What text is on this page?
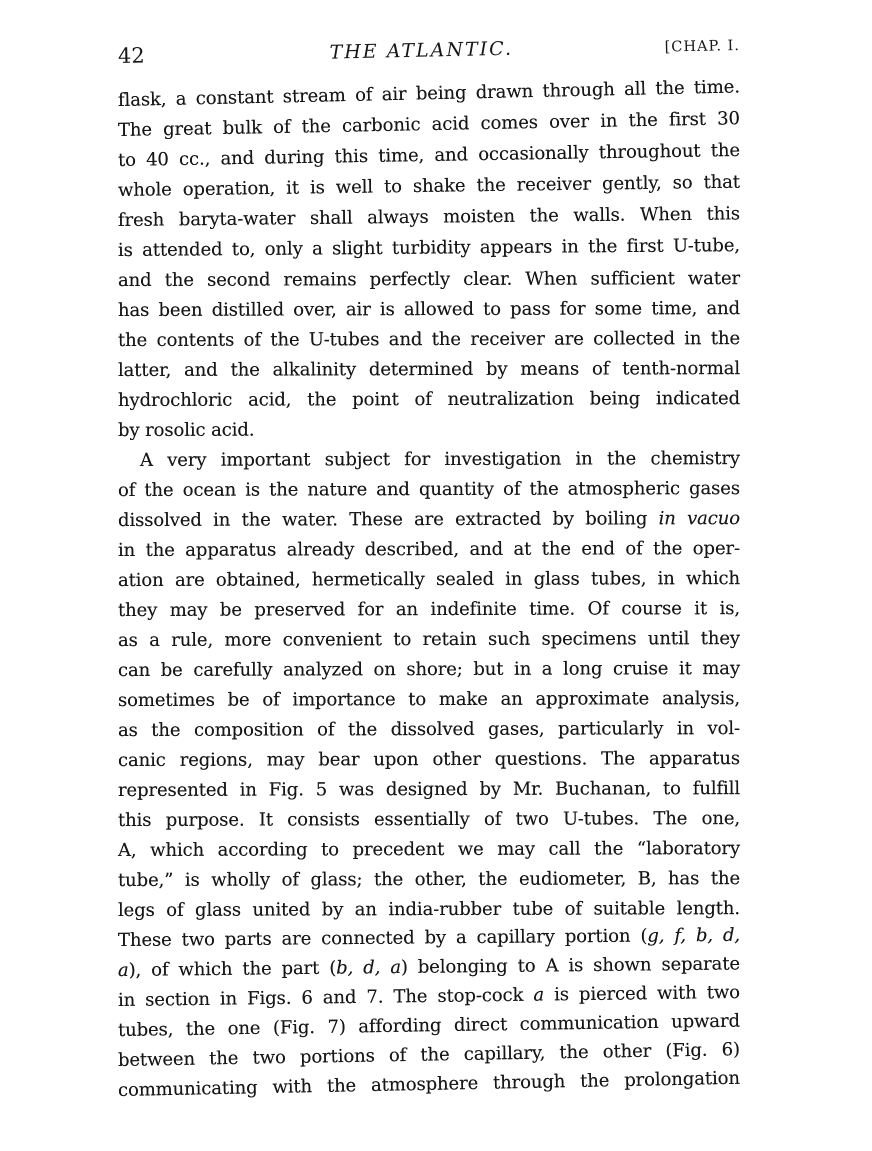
42	THE ATLANTIC.	[CHAP. I.
flask, a constant stream of air being drawn through all the time.
The great bulk of the carbonic acid comes over in the first 30
to 40 cc., and during this time, and occasionally throughout the
whole operation, it is well to shake the receiver gently, so that
fresh baryta-water shall always moisten the walls. When this
is attended to, only a slight turbidity appears in the first U-tube,
and the second remains perfectly clear. When sufficient water
has been distilled over, air is allowed to pass for some time, and
the contents of the U-tubes and the receiver are collected in the
latter, and the alkalinity determined by means of tenth-normal
hydrochloric acid, the point of neutralization being indicated
by rosolic acid.
A very important subject for investigation in the chemistry
of the ocean is the nature and quantity of the atmospheric gases
dissolved in the water. These are extracted by boiling in vacuo
in the apparatus already described, and at the end of the oper-
ation are obtained, hermetically sealed in glass tubes, in which
they may be preserved for an indefinite time. Of course it is,
as a rule, more convenient to retain such specimens until they
can be carefully analyzed on shore; but in a long cruise it may
sometimes be of importance to make an approximate analysis,
as the composition of the dissolved gases, particularly in vol-
canic regions, may bear upon other questions. The apparatus
represented in Fig. 5 was designed by Mr. Buchanan, to fulfill
this purpose. It consists essentially of two U-tubes. The one,
A, which according to precedent we may call the “laboratory
tube,” is wholly of glass; the other, the eudiometer, B, has the
legs of glass united by an india-rubber tube of suitable length.
These two parts are connected by a capillary portion (g, f, b, d,
a), of which the part (b, d, a) belonging to A is shown separate
in section in Figs. 6 and 7. The stop-cock a is pierced with two
tubes, the one (Fig. 7) affording direct communication upward
between the two portions of the capillary, the other (Fig. 6)
communicating with the atmosphere through the prolongation
